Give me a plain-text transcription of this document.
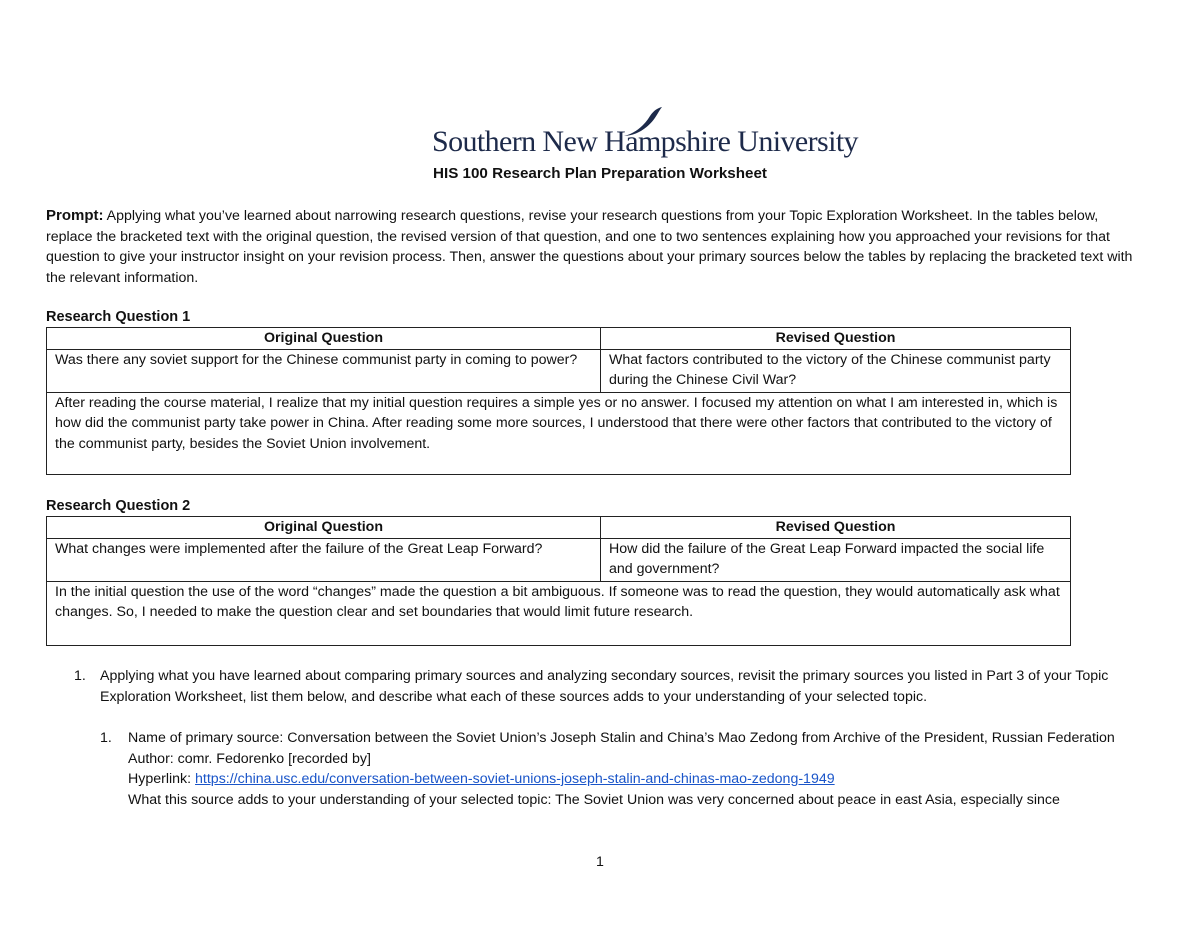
Southern New Hampshire University
HIS 100 Research Plan Preparation Worksheet
Prompt: Applying what you’ve learned about narrowing research questions, revise your research questions from your Topic Exploration Worksheet. In the tables below, replace the bracketed text with the original question, the revised version of that question, and one to two sentences explaining how you approached your revisions for that question to give your instructor insight on your revision process. Then, answer the questions about your primary sources below the tables by replacing the bracketed text with the relevant information.
Research Question 1
Original Question	Revised Question
Was there any soviet support for the Chinese communist party in coming to power?	What factors contributed to the victory of the Chinese communist party during the Chinese Civil War?
After reading the course material, I realize that my initial question requires a simple yes or no answer. I focused my attention on what I am interested in, which is how did the communist party take power in China. After reading some more sources, I understood that there were other factors that contributed to the victory of the communist party, besides the Soviet Union involvement.	
Research Question 2
Original Question	Revised Question
What changes were implemented after the failure of the Great Leap Forward?	How did the failure of the Great Leap Forward impacted the social life and government?
In the initial question the use of the word “changes” made the question a bit ambiguous. If someone was to read the question, they would automatically ask what changes. So, I needed to make the question clear and set boundaries that would limit future research.	
1. Applying what you have learned about comparing primary sources and analyzing secondary sources, revisit the primary sources you listed in Part 3 of your Topic Exploration Worksheet, list them below, and describe what each of these sources adds to your understanding of your selected topic.
1. Name of primary source: Conversation between the Soviet Union’s Joseph Stalin and China’s Mao Zedong from Archive of the President, Russian Federation
Author: comr. Fedorenko [recorded by]
Hyperlink: https://china.usc.edu/conversation-between-soviet-unions-joseph-stalin-and-chinas-mao-zedong-1949
What this source adds to your understanding of your selected topic: The Soviet Union was very concerned about peace in east Asia, especially since
1
